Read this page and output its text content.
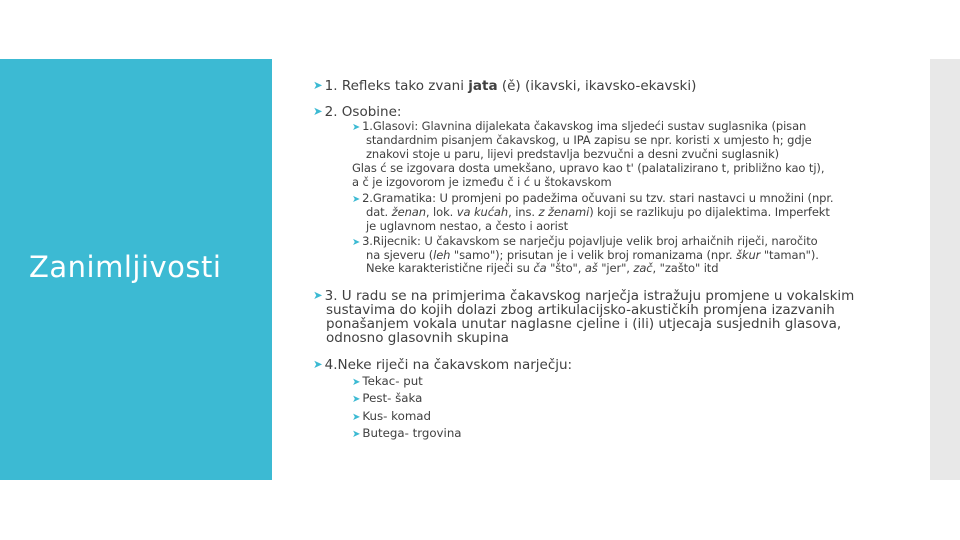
Zanimljivosti
➤ 1. Refleks tako zvani jata (ě) (ikavski, ikavsko-ekavski)
➤ 2. Osobine:
➤ 1.Glasovi: Glavnina dijalekata čakavskog ima sljedeći sustav suglasnika (pisan
standardnim pisanjem čakavskog, u IPA zapisu se npr. koristi x umjesto h; gdje
znakovi stoje u paru, lijevi predstavlja bezvučni a desni zvučni suglasnik)
Glas ć se izgovara dosta umekšano, upravo kao t' (palatalizirano t, približno kao tj),
a č je izgovorom je između č i ć u štokavskom
➤ 2.Gramatika: U promjeni po padežima očuvani su tzv. stari nastavci u množini (npr.
dat. ženan, lok. va kućah, ins. z ženami) koji se razlikuju po dijalektima. Imperfekt
je uglavnom nestao, a često i aorist
➤ 3.Rijecnik: U čakavskom se narječju pojavljuje velik broj arhaičnih riječi, naročito
na sjeveru (leh "samo"); prisutan je i velik broj romanizama (npr. škur "taman").
Neke karakteristične riječi su ča "što", aš "jer", zač, "zašto" itd
➤ 3. U radu se na primjerima čakavskog narječja istražuju promjene u vokalskim
sustavima do kojih dolazi zbog artikulacijsko-akustičkih promjena izazvanih
ponašanjem vokala unutar naglasne cjeline i (ili) utjecaja susjednih glasova,
odnosno glasovnih skupina
➤ 4.Neke riječi na čakavskom narječju:
➤ Tekac- put
➤ Pest- šaka
➤ Kus- komad
➤ Butega- trgovina
